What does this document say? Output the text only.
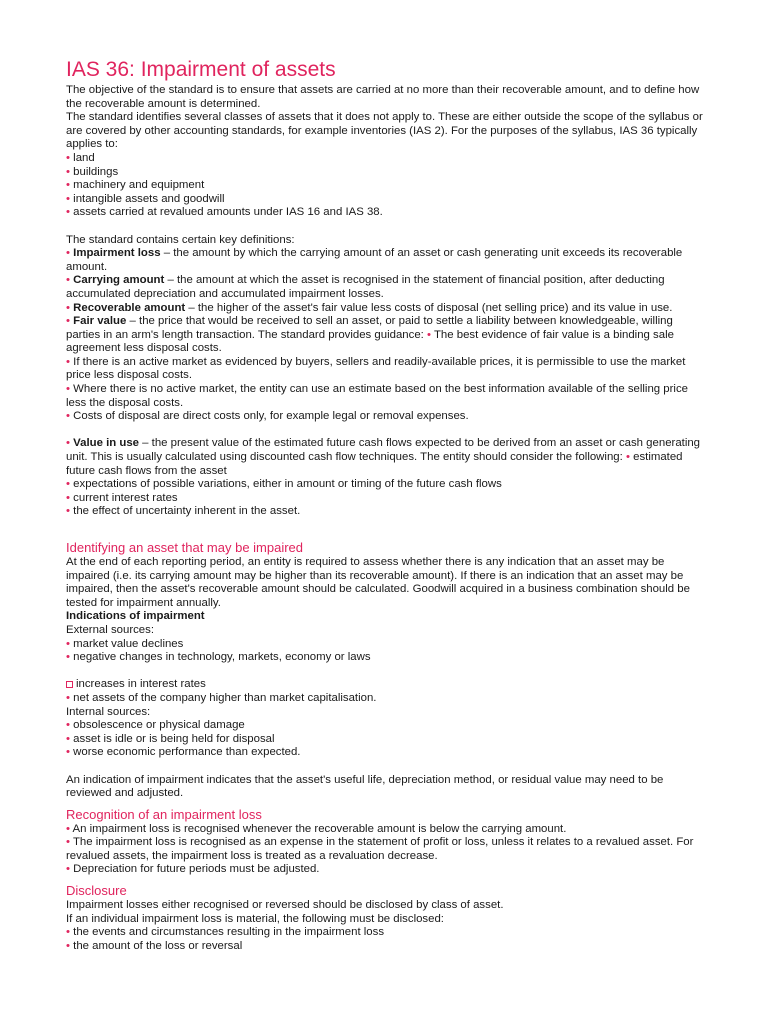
IAS 36: Impairment of assets

The objective of the standard is to ensure that assets are carried at no more than their recoverable amount, and to define how the recoverable amount is determined.

The standard identifies several classes of assets that it does not apply to. These are either outside the scope of the syllabus or are covered by other accounting standards, for example inventories (IAS 2). For the purposes of the syllabus, IAS 36 typically applies to:

• land
• buildings
• machinery and equipment
• intangible assets and goodwill
• assets carried at revalued amounts under IAS 16 and IAS 38.

The standard contains certain key definitions:

• Impairment loss – the amount by which the carrying amount of an asset or cash generating unit exceeds its recoverable amount.
• Carrying amount – the amount at which the asset is recognised in the statement of financial position, after deducting accumulated depreciation and accumulated impairment losses.
• Recoverable amount – the higher of the asset's fair value less costs of disposal (net selling price) and its value in use.
• Fair value – the price that would be received to sell an asset, or paid to settle a liability between knowledgeable, willing parties in an arm's length transaction. The standard provides guidance: • The best evidence of fair value is a binding sale agreement less disposal costs.
• If there is an active market as evidenced by buyers, sellers and readily-available prices, it is permissible to use the market price less disposal costs.
• Where there is no active market, the entity can use an estimate based on the best information available of the selling price less the disposal costs.
• Costs of disposal are direct costs only, for example legal or removal expenses.
• Value in use – the present value of the estimated future cash flows expected to be derived from an asset or cash generating unit. This is usually calculated using discounted cash flow techniques. The entity should consider the following: • estimated future cash flows from the asset
• expectations of possible variations, either in amount or timing of the future cash flows
• current interest rates
• the effect of uncertainty inherent in the asset.
Identifying an asset that may be impaired

At the end of each reporting period, an entity is required to assess whether there is any indication that an asset may be impaired (i.e. its carrying amount may be higher than its recoverable amount). If there is an indication that an asset may be impaired, then the asset's recoverable amount should be calculated. Goodwill acquired in a business combination should be tested for impairment annually.

Indications of impairment
External sources:
• market value declines
• negative changes in technology, markets, economy or laws
increases in interest rates
• net assets of the company higher than market capitalisation.
Internal sources:
• obsolescence or physical damage
• asset is idle or is being held for disposal
• worse economic performance than expected.

An indication of impairment indicates that the asset's useful life, depreciation method, or residual value may need to be reviewed and adjusted.

Recognition of an impairment loss
• An impairment loss is recognised whenever the recoverable amount is below the carrying amount.
• The impairment loss is recognised as an expense in the statement of profit or loss, unless it relates to a revalued asset. For revalued assets, the impairment loss is treated as a revaluation decrease.
• Depreciation for future periods must be adjusted.
Disclosure

Impairment losses either recognised or reversed should be disclosed by class of asset.

If an individual impairment loss is material, the following must be disclosed:

• the events and circumstances resulting in the impairment loss
• the amount of the loss or reversal
